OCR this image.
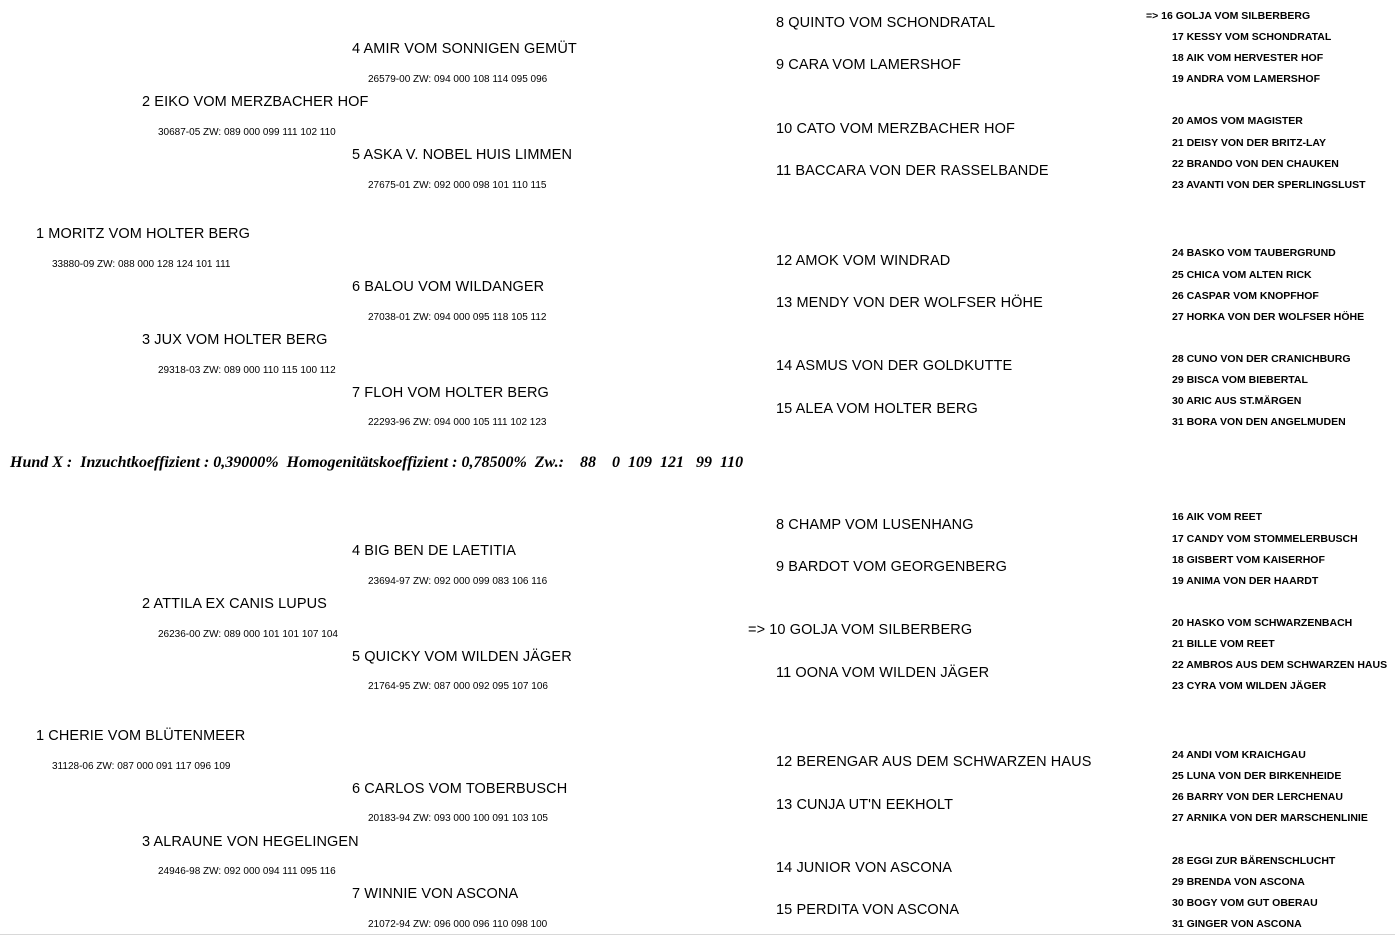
1 MORITZ VOM HOLTER BERG
33880-09 ZW: 088 000 128 124 101 111
2 EIKO VOM MERZBACHER HOF
30687-05 ZW: 089 000 099 111 102 110
3 JUX VOM HOLTER BERG
29318-03 ZW: 089 000 110 115 100 112
4 AMIR VOM SONNIGEN GEMÜT
26579-00 ZW: 094 000 108 114 095 096
5 ASKA V. NOBEL HUIS LIMMEN
27675-01 ZW: 092 000 098 101 110 115
6 BALOU VOM WILDANGER
27038-01 ZW: 094 000 095 118 105 112
7 FLOH VOM HOLTER BERG
22293-96 ZW: 094 000 105 111 102 123
8 QUINTO VOM SCHONDRATAL
9 CARA VOM LAMERSHOF
10 CATO VOM MERZBACHER HOF
11 BACCARA VON DER RASSELBANDE
12 AMOK VOM WINDRAD
13 MENDY VON DER WOLFSER HÖHE
14 ASMUS VON DER GOLDKUTTE
15 ALEA VOM HOLTER BERG
=> 16 GOLJA VOM SILBERBERG
17 KESSY VOM SCHONDRATAL
18 AIK VOM HERVESTER HOF
19 ANDRA VOM LAMERSHOF
20 AMOS VOM MAGISTER
21 DEISY VON DER BRITZ-LAY
22 BRANDO VON DEN CHAUKEN
23 AVANTI VON DER SPERLINGSLUST
24 BASKO VOM TAUBERGRUND
25 CHICA VOM ALTEN RICK
26 CASPAR VOM KNOPFHOF
27 HORKA VON DER WOLFSER HÖHE
28 CUNO VON DER CRANICHBURG
29 BISCA VOM BIEBERTAL
30 ARIC AUS ST.MÄRGEN
31 BORA VON DEN ANGELMUDEN
Hund X :  Inzuchtkoeffizient : 0,39000%  Homogenitätskoeffizient : 0,78500%  Zw.:    88    0  109  121   99  110
1 CHERIE VOM BLÜTENMEER
31128-06 ZW: 087 000 091 117 096 109
2 ATTILA EX CANIS LUPUS
26236-00 ZW: 089 000 101 101 107 104
3 ALRAUNE VON HEGELINGEN
24946-98 ZW: 092 000 094 111 095 116
4 BIG BEN DE LAETITIA
23694-97 ZW: 092 000 099 083 106 116
5 QUICKY VOM WILDEN JÄGER
21764-95 ZW: 087 000 092 095 107 106
6 CARLOS VOM TOBERBUSCH
20183-94 ZW: 093 000 100 091 103 105
7 WINNIE VON ASCONA
21072-94 ZW: 096 000 096 110 098 100
8 CHAMP VOM LUSENHANG
9 BARDOT VOM GEORGENBERG
=> 10 GOLJA VOM SILBERBERG
11 OONA VOM WILDEN JÄGER
12 BERENGAR AUS DEM SCHWARZEN HAUS
13 CUNJA UT'N EEKHOLT
14 JUNIOR VON ASCONA
15 PERDITA VON ASCONA
16 AIK VOM REET
17 CANDY VOM STOMMELERBUSCH
18 GISBERT VOM KAISERHOF
19 ANIMA VON DER HAARDT
20 HASKO VOM SCHWARZENBACH
21 BILLE VOM REET
22 AMBROS AUS DEM SCHWARZEN HAUS
23 CYRA VOM WILDEN JÄGER
24 ANDI VOM KRAICHGAU
25 LUNA VON DER BIRKENHEIDE
26 BARRY VON DER LERCHENAU
27 ARNIKA VON DER MARSCHENLINIE
28 EGGI ZUR BÄRENSCHLUCHT
29 BRENDA VON ASCONA
30 BOGY VOM GUT OBERAU
31 GINGER VON ASCONA
